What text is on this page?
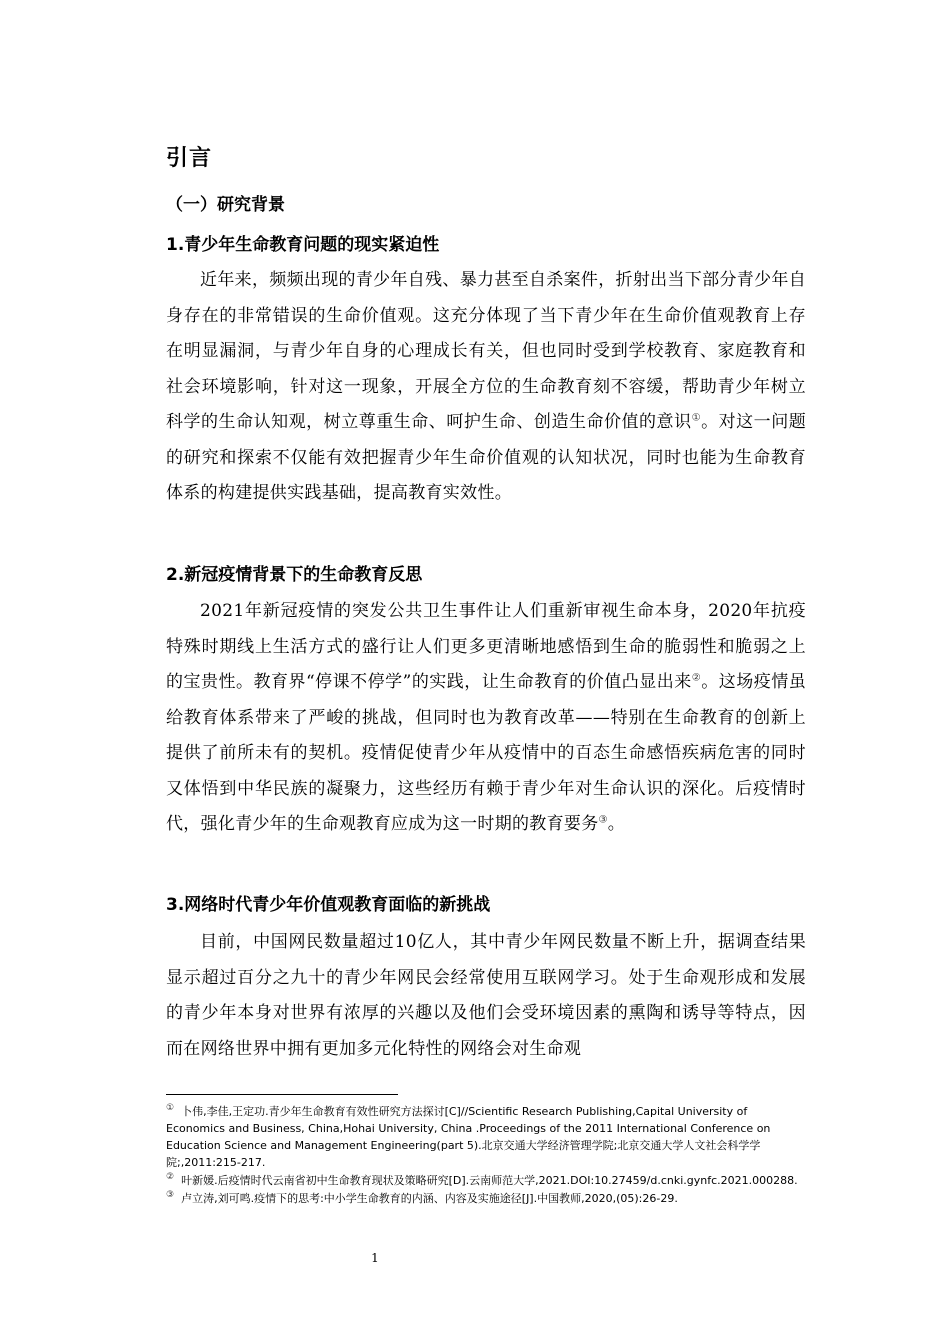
引言
（一）研究背景
1.青少年生命教育问题的现实紧迫性

近年来，频频出现的青少年自残、暴力甚至自杀案件，折射出当下部分青少年自身存在的非常错误的生命价值观。这充分体现了当下青少年在生命价值观教育上存在明显漏洞，与青少年自身的心理成长有关，但也同时受到学校教育、家庭教育和社会环境影响，针对这一现象，开展全方位的生命教育刻不容缓，帮助青少年树立科学的生命认知观，树立尊重生命、呵护生命、创造生命价值的意识①。对这一问题的研究和探索不仅能有效把握青少年生命价值观的认知状况，同时也能为生命教育体系的构建提供实践基础，提高教育实效性。

2.新冠疫情背景下的生命教育反思

2021年新冠疫情的突发公共卫生事件让人们重新审视生命本身，2020年抗疫特殊时期线上生活方式的盛行让人们更多更清晰地感悟到生命的脆弱性和脆弱之上的宝贵性。教育界“停课不停学”的实践，让生命教育的价值凸显出来②。这场疫情虽给教育体系带来了严峻的挑战，但同时也为教育改革——特别在生命教育的创新上提供了前所未有的契机。疫情促使青少年从疫情中的百态生命感悟疾病危害的同时又体悟到中华民族的凝聚力，这些经历有赖于青少年对生命认识的深化。后疫情时代，强化青少年的生命观教育应成为这一时期的教育要务③。

3.网络时代青少年价值观教育面临的新挑战

目前，中国网民数量超过10亿人，其中青少年网民数量不断上升，据调查结果显示超过百分之九十的青少年网民会经常使用互联网学习。处于生命观形成和发展的青少年本身对世界有浓厚的兴趣以及他们会受环境因素的熏陶和诱导等特点，因而在网络世界中拥有更加多元化特性的网络会对生命观

① 卜伟,李佳,王定功.青少年生命教育有效性研究方法探讨[C]//Scientific Research Publishing,Capital University of Economics and Business, China,Hohai University, China .Proceedings of the 2011 International Conference on Education Science and Management Engineering(part 5).北京交通大学经济管理学院;北京交通大学人文社会科学学院;,2011:215-217.
② 叶新媛.后疫情时代云南省初中生命教育现状及策略研究[D].云南师范大学,2021.DOI:10.27459/d.cnki.gynfc.2021.000288.
③ 卢立涛,刘可鸣.疫情下的思考:中小学生命教育的内涵、内容及实施途径[J].中国教师,2020,(05):26-29.
1
